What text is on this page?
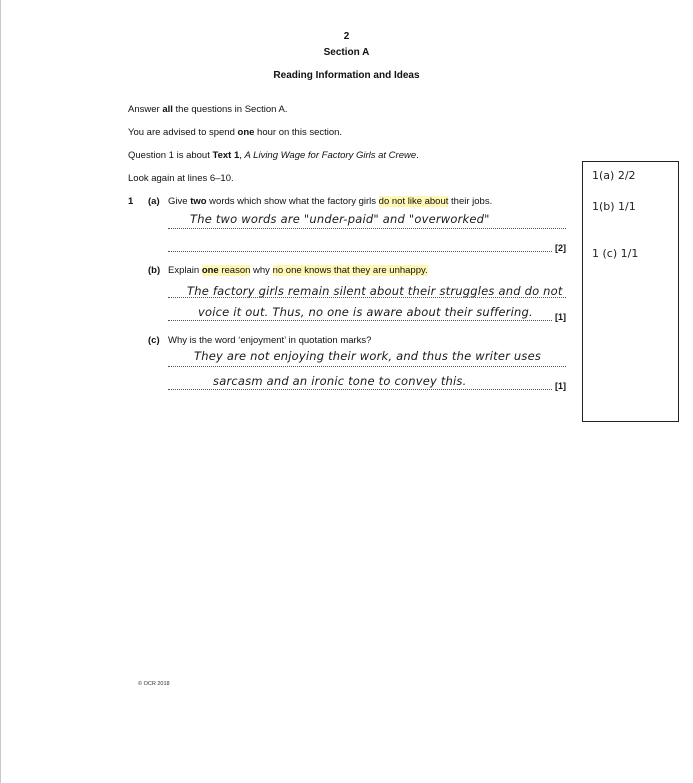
2
Section A
Reading Information and Ideas
Answer all the questions in Section A.
You are advised to spend one hour on this section.
Question 1 is about Text 1, A Living Wage for Factory Girls at Crewe.
Look again at lines 6–10.
1 (a) Give two words which show what the factory girls do not like about their jobs.
The two words are "under-paid" and "overworked"
[2]
(b) Explain one reason why no one knows that they are unhappy.
The factory girls remain silent about their struggles and do not
voice it out. Thus, no one is aware about their suffering. [1]
(c) Why is the word ‘enjoyment’ in quotation marks?
They are not enjoying their work, and thus the writer uses
sarcasm and an ironic tone to convey this.	[1]
1(a) 2/2
1(b) 1/1
1 (c) 1/1
© OCR 2018
